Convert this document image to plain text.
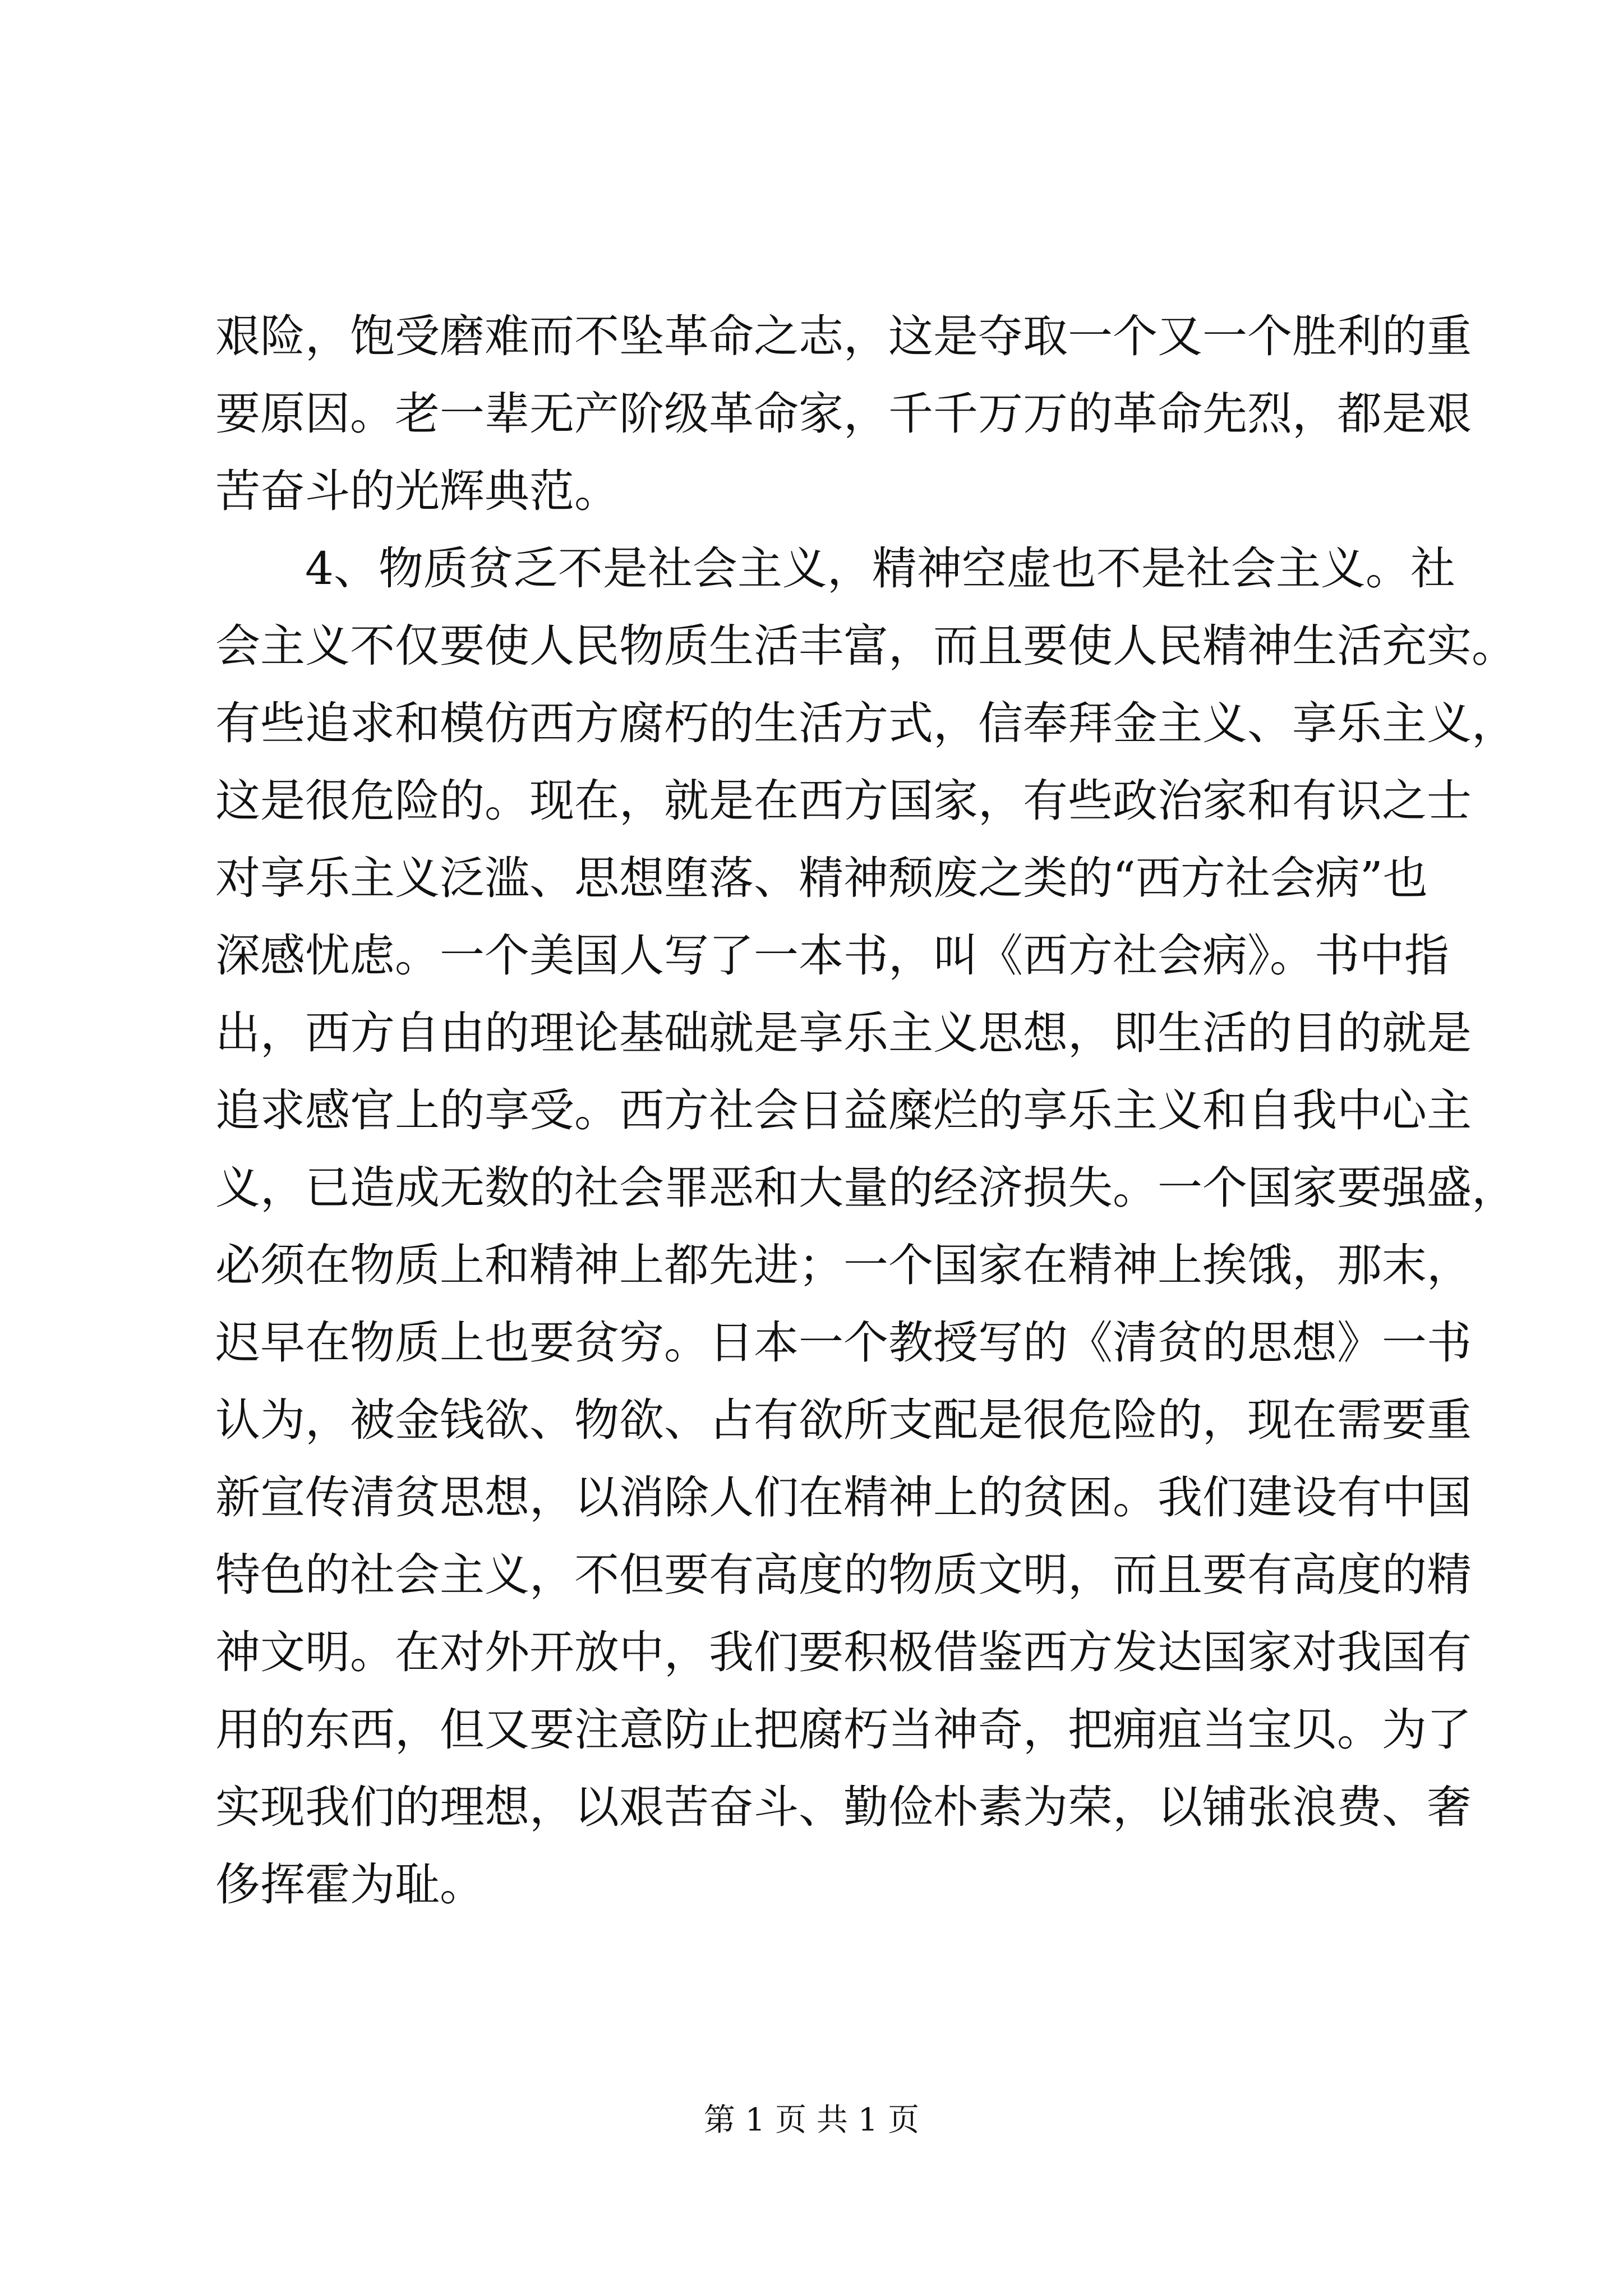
艰险，饱受磨难而不坠革命之志，这是夺取一个又一个胜利的重
要原因。老一辈无产阶级革命家，千千万万的革命先烈，都是艰
苦奋斗的光辉典范。
　　4、物质贫乏不是社会主义，精神空虚也不是社会主义。社
会主义不仅要使人民物质生活丰富，而且要使人民精神生活充实。
有些追求和模仿西方腐朽的生活方式，信奉拜金主义、享乐主义，
这是很危险的。现在，就是在西方国家，有些政治家和有识之士
对享乐主义泛滥、思想堕落、精神颓废之类的“西方社会病”也
深感忧虑。一个美国人写了一本书，叫《西方社会病》。书中指
出，西方自由的理论基础就是享乐主义思想，即生活的目的就是
追求感官上的享受。西方社会日益糜烂的享乐主义和自我中心主
义，已造成无数的社会罪恶和大量的经济损失。一个国家要强盛，
必须在物质上和精神上都先进；一个国家在精神上挨饿，那末，
迟早在物质上也要贫穷。日本一个教授写的《清贫的思想》一书
认为，被金钱欲、物欲、占有欲所支配是很危险的，现在需要重
新宣传清贫思想，以消除人们在精神上的贫困。我们建设有中国
特色的社会主义，不但要有高度的物质文明，而且要有高度的精
神文明。在对外开放中，我们要积极借鉴西方发达国家对我国有
用的东西，但又要注意防止把腐朽当神奇，把痈疽当宝贝。为了
实现我们的理想，以艰苦奋斗、勤俭朴素为荣，以铺张浪费、奢
侈挥霍为耻。
第 1 页 共 1 页
